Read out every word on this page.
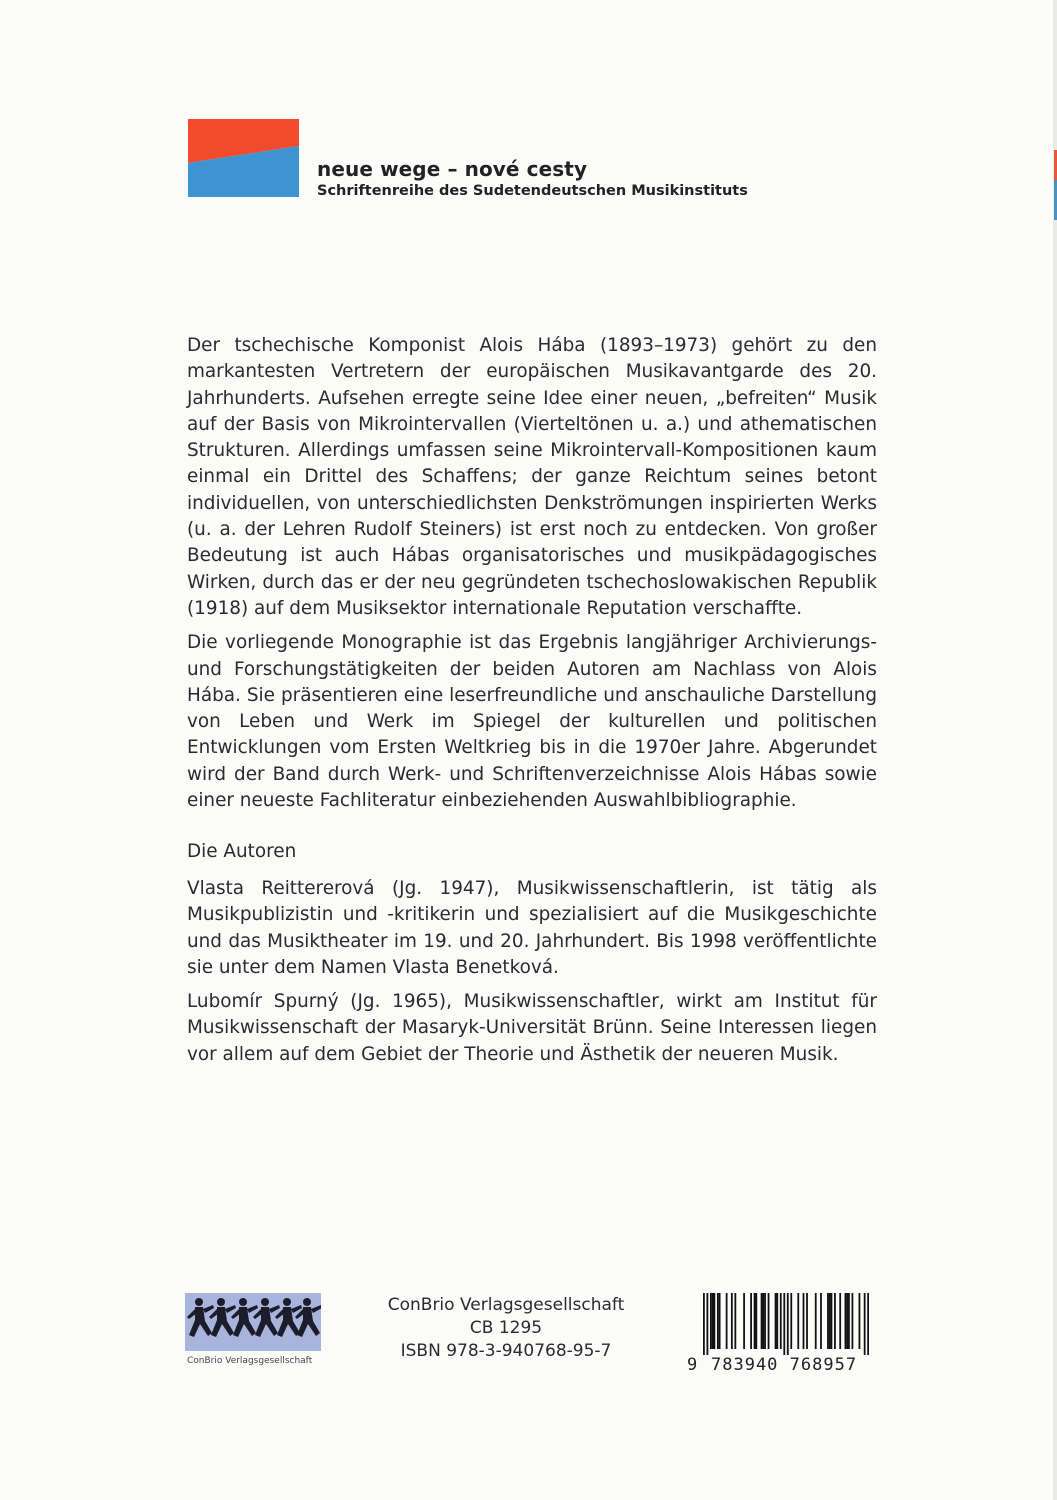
neue wege – nové cesty
Schriftenreihe des Sudetendeutschen Musikinstituts

Der tschechische Komponist Alois Hába (1893–1973) gehört zu den markantesten Vertretern der europäischen Musikavantgarde des 20. Jahrhunderts. Aufsehen erregte seine Idee einer neuen, „befreiten“ Musik auf der Basis von Mikrointervallen (Vierteltönen u. a.) und athematischen Strukturen. Allerdings umfassen seine Mikrointervall-Kompositionen kaum einmal ein Drittel des Schaffens; der ganze Reichtum seines betont individuellen, von unterschiedlichsten Denkströmungen inspirierten Werks (u. a. der Lehren Rudolf Steiners) ist erst noch zu entdecken. Von großer Bedeutung ist auch Hábas organisatorisches und musikpädagogisches Wirken, durch das er der neu gegründeten tschechoslowakischen Republik (1918) auf dem Musiksektor internationale Reputation verschaffte.

Die vorliegende Monographie ist das Ergebnis langjähriger Archivierungs- und Forschungstätigkeiten der beiden Autoren am Nachlass von Alois Hába. Sie präsentieren eine leserfreundliche und anschauliche Darstellung von Leben und Werk im Spiegel der kulturellen und politischen Entwicklungen vom Ersten Weltkrieg bis in die 1970er Jahre. Abgerundet wird der Band durch Werk- und Schriftenverzeichnisse Alois Hábas sowie einer neueste Fachliteratur einbeziehenden Auswahlbibliographie.

Die Autoren

Vlasta Reittererová (Jg. 1947), Musikwissenschaftlerin, ist tätig als Musikpublizistin und -kritikerin und spezialisiert auf die Musikgeschichte und das Musiktheater im 19. und 20. Jahrhundert. Bis 1998 veröffentlichte sie unter dem Namen Vlasta Benetková.

Lubomír Spurný (Jg. 1965), Musikwissenschaftler, wirkt am Institut für Musikwissenschaft der Masaryk-Universität Brünn. Seine Interessen liegen vor allem auf dem Gebiet der Theorie und Ästhetik der neueren Musik.

ConBrio Verlagsgesellschaft
ConBrio Verlagsgesellschaft
CB 1295
ISBN 978-3-940768-95-7
9 783940 768957
